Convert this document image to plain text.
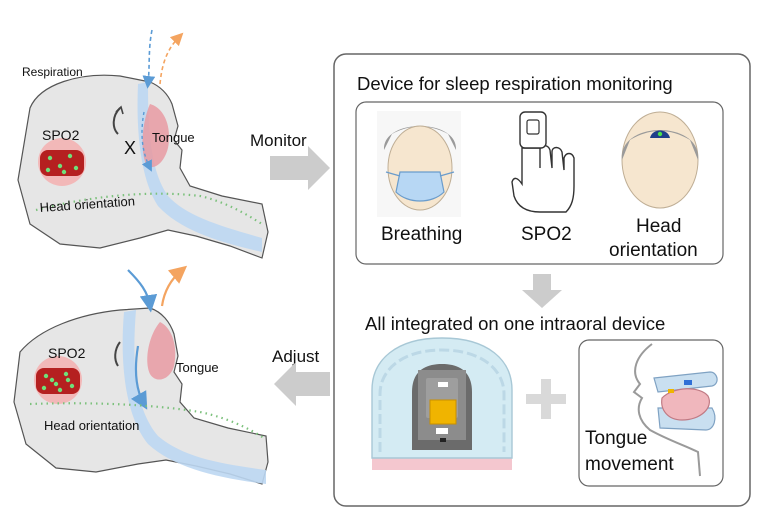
X
Respiration
SPO2	Tongue
Head orientation
SPO2
Tongue
Head orientation
Monitor
Adjust
Device for sleep respiration monitoring
Breathing	SPO2	Head
orientation
All integrated on one intraoral device
+
Tongue
movement
